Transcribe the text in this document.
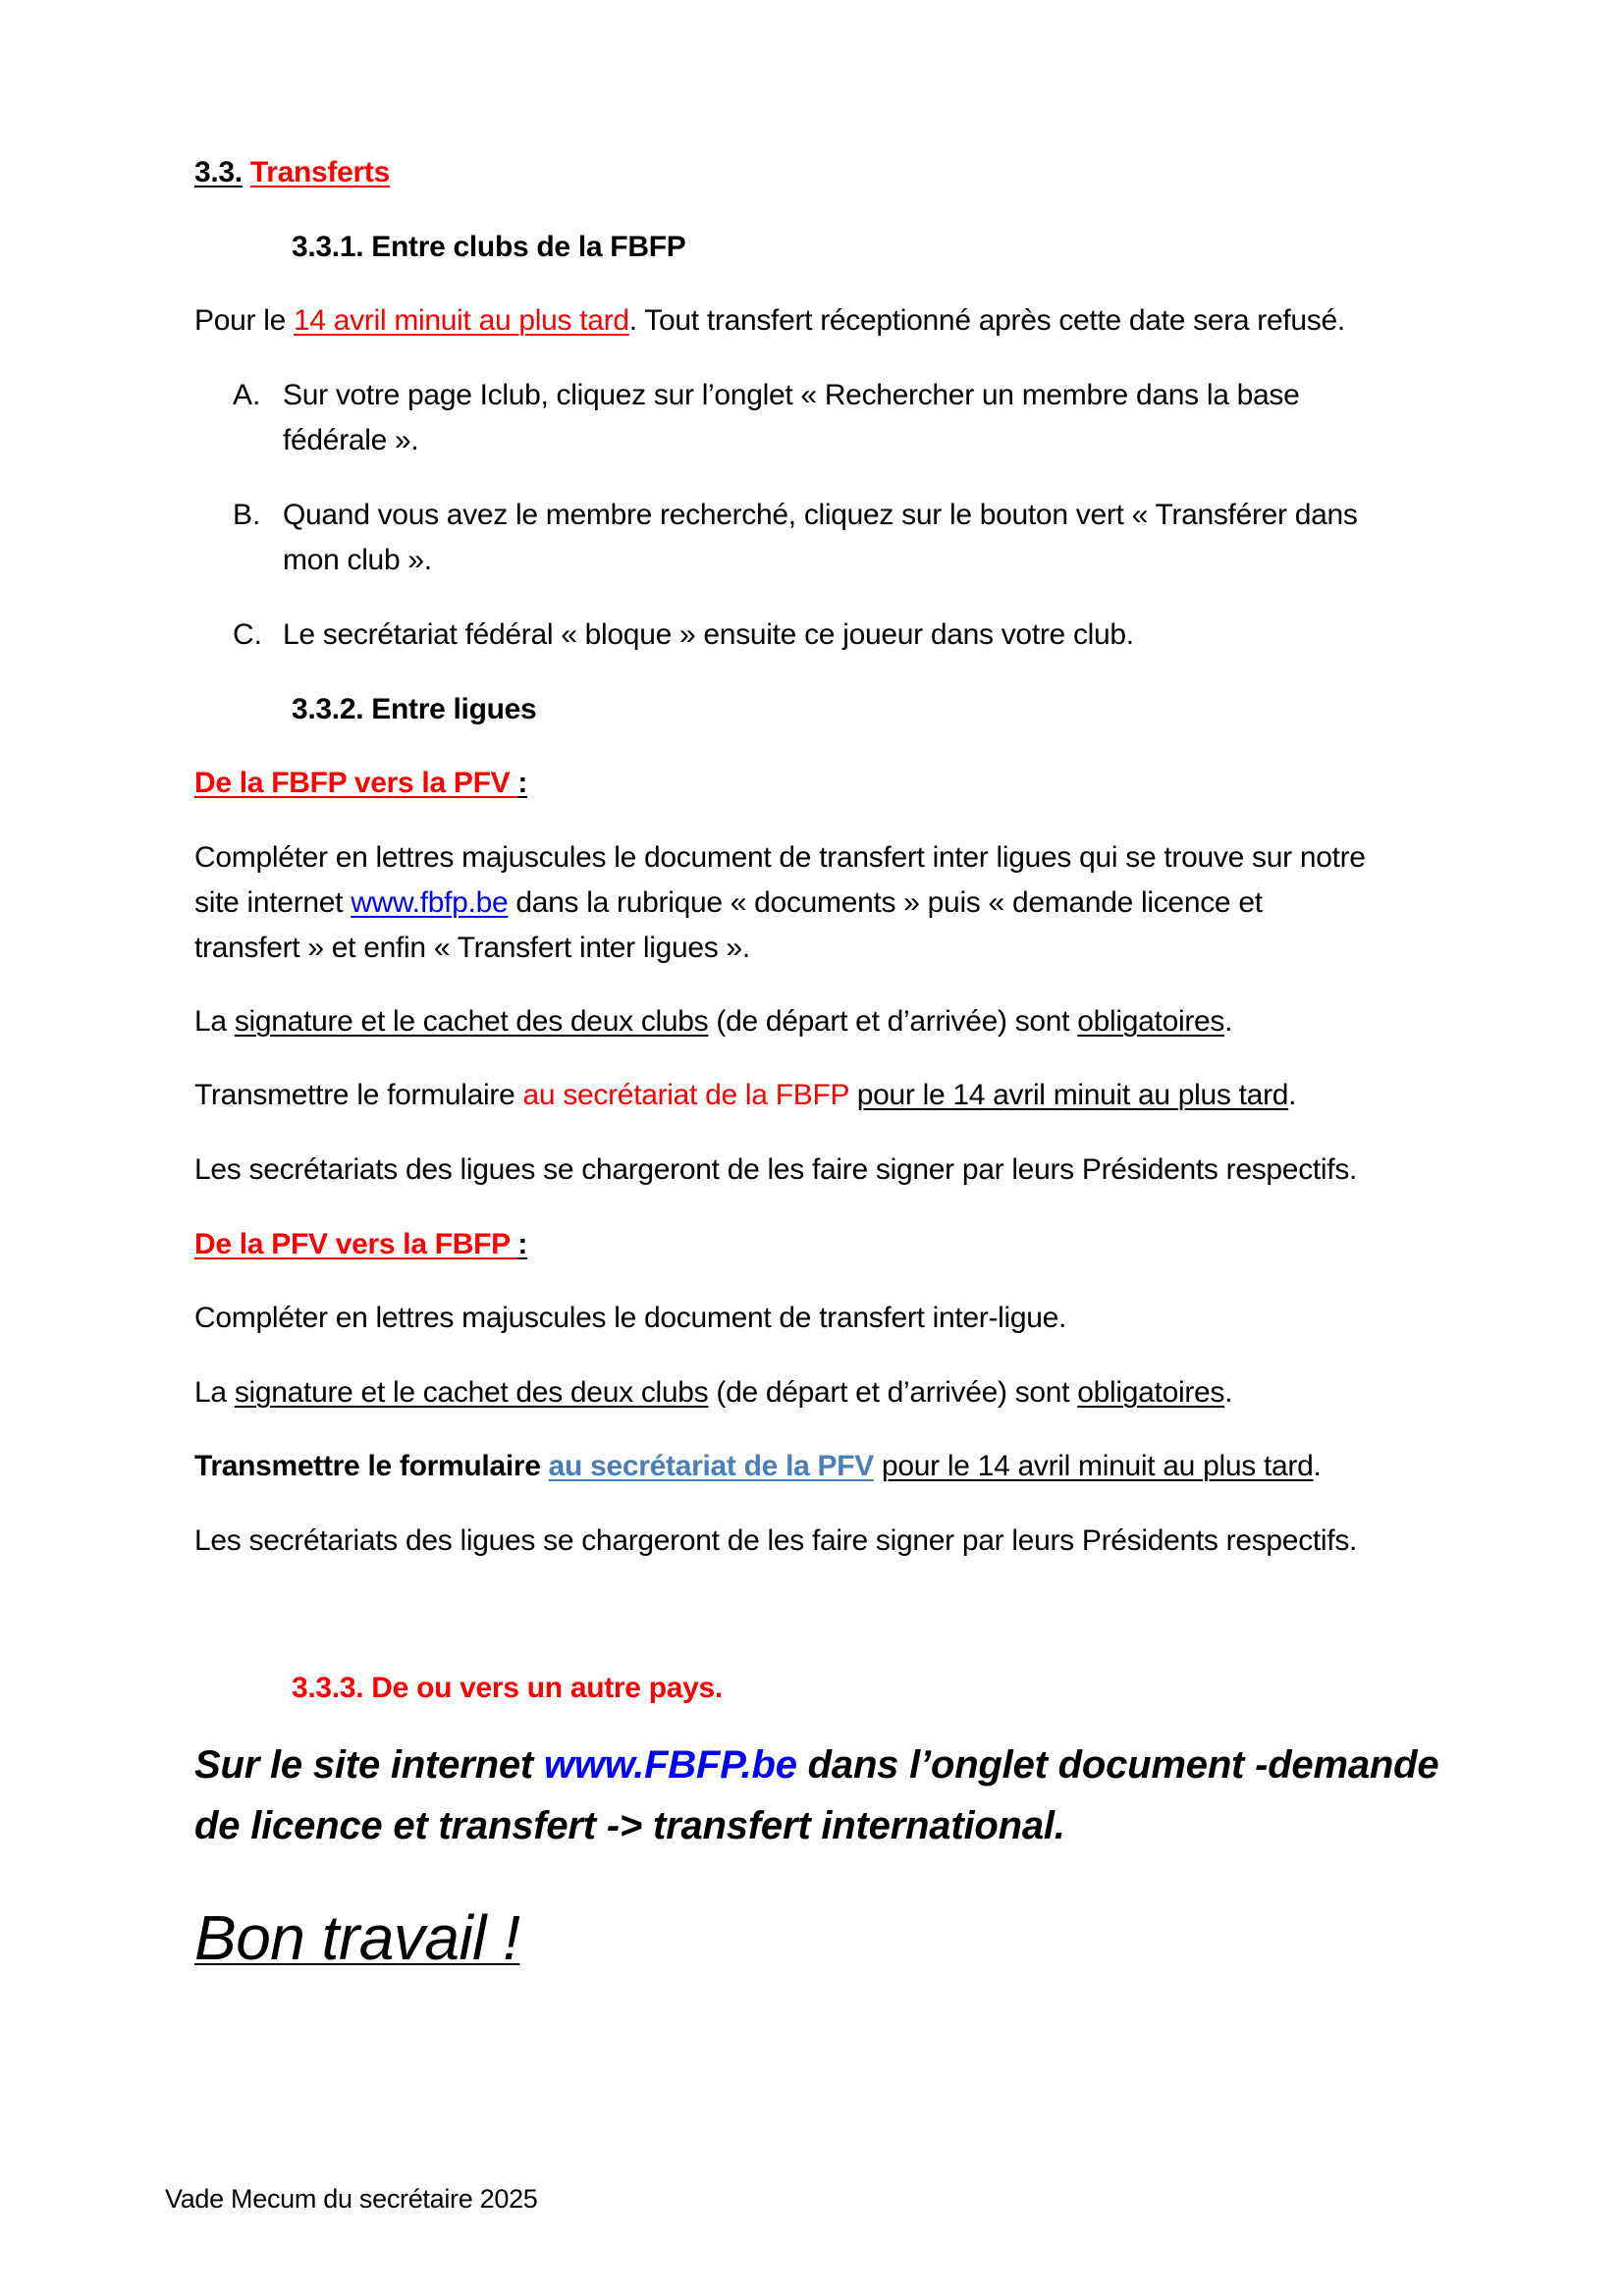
3.3. Transferts
3.3.1. Entre clubs de la FBFP
Pour le 14 avril minuit au plus tard. Tout transfert réceptionné après cette date sera refusé.
A. Sur votre page Iclub, cliquez sur l’onglet « Rechercher un membre dans la base
fédérale ».
B. Quand vous avez le membre recherché, cliquez sur le bouton vert « Transférer dans
mon club ».
C. Le secrétariat fédéral « bloque » ensuite ce joueur dans votre club.
3.3.2. Entre ligues
De la FBFP vers la PFV :
Compléter en lettres majuscules le document de transfert inter ligues qui se trouve sur notre
site internet www.fbfp.be dans la rubrique « documents » puis « demande licence et
transfert » et enfin « Transfert inter ligues ».
La signature et le cachet des deux clubs (de départ et d’arrivée) sont obligatoires.
Transmettre le formulaire au secrétariat de la FBFP pour le 14 avril minuit au plus tard.
Les secrétariats des ligues se chargeront de les faire signer par leurs Présidents respectifs.
De la PFV vers la FBFP :
Compléter en lettres majuscules le document de transfert inter-ligue.
La signature et le cachet des deux clubs (de départ et d’arrivée) sont obligatoires.
Transmettre le formulaire au secrétariat de la PFV pour le 14 avril minuit au plus tard.
Les secrétariats des ligues se chargeront de les faire signer par leurs Présidents respectifs.
3.3.3. De ou vers un autre pays.
Sur le site internet www.FBFP.be dans l’onglet document -demande
de licence et transfert -> transfert international.
Bon travail !
Vade Mecum du secrétaire 2025
